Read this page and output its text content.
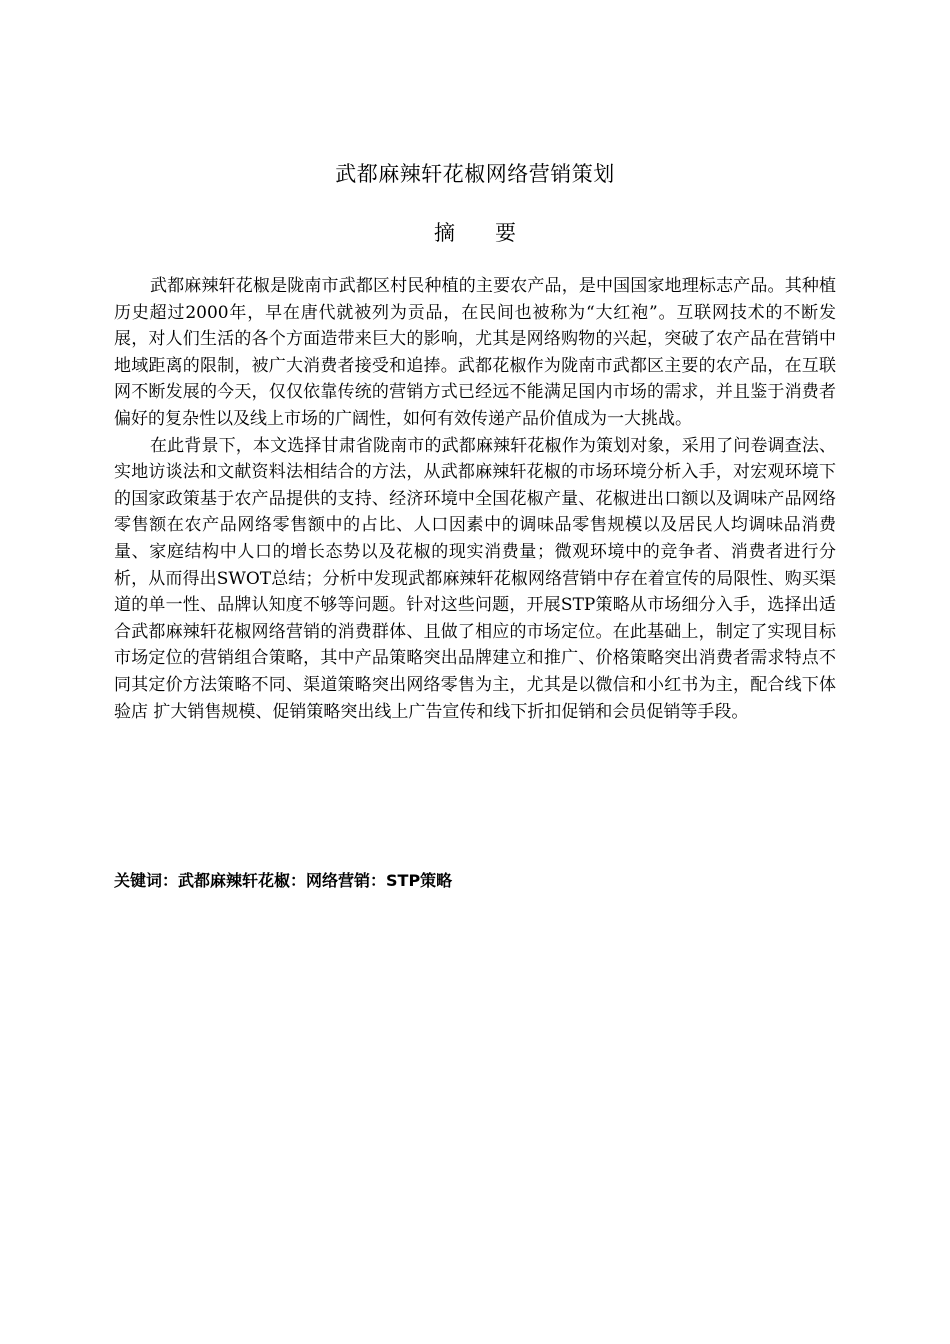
武都麻辣轩花椒网络营销策划
摘要

武都麻辣轩花椒是陇南市武都区村民种植的主要农产品，是中国国家地理标志产品。其种植历史超过2000年，早在唐代就被列为贡品，在民间也被称为“大红袍”。互联网技术的不断发展，对人们生活的各个方面造带来巨大的影响，尤其是网络购物的兴起，突破了农产品在营销中地域距离的限制，被广大消费者接受和追捧。武都花椒作为陇南市武都区主要的农产品，在互联网不断发展的今天，仅仅依靠传统的营销方式已经远不能满足国内市场的需求，并且鉴于消费者偏好的复杂性以及线上市场的广阔性，如何有效传递产品价值成为一大挑战。

在此背景下，本文选择甘肃省陇南市的武都麻辣轩花椒作为策划对象，采用了问卷调查法、实地访谈法和文献资料法相结合的方法，从武都麻辣轩花椒的市场环境分析入手，对宏观环境下的国家政策基于农产品提供的支持、经济环境中全国花椒产量、花椒进出口额以及调味产品网络零售额在农产品网络零售额中的占比、人口因素中的调味品零售规模以及居民人均调味品消费量、家庭结构中人口的增长态势以及花椒的现实消费量；微观环境中的竞争者、消费者进行分析，从而得出SWOT总结；分析中发现武都麻辣轩花椒网络营销中存在着宣传的局限性、购买渠道的单一性、品牌认知度不够等问题。针对这些问题，开展STP策略从市场细分入手，选择出适合武都麻辣轩花椒网络营销的消费群体、且做了相应的市场定位。在此基础上，制定了实现目标市场定位的营销组合策略，其中产品策略突出品牌建立和推广、价格策略突出消费者需求特点不同其定价方法策略不同、渠道策略突出网络零售为主，尤其是以微信和小红书为主，配合线下体验店 扩大销售规模、促销策略突出线上广告宣传和线下折扣促销和会员促销等手段。

关键词：武都麻辣轩花椒：网络营销：STP策略
